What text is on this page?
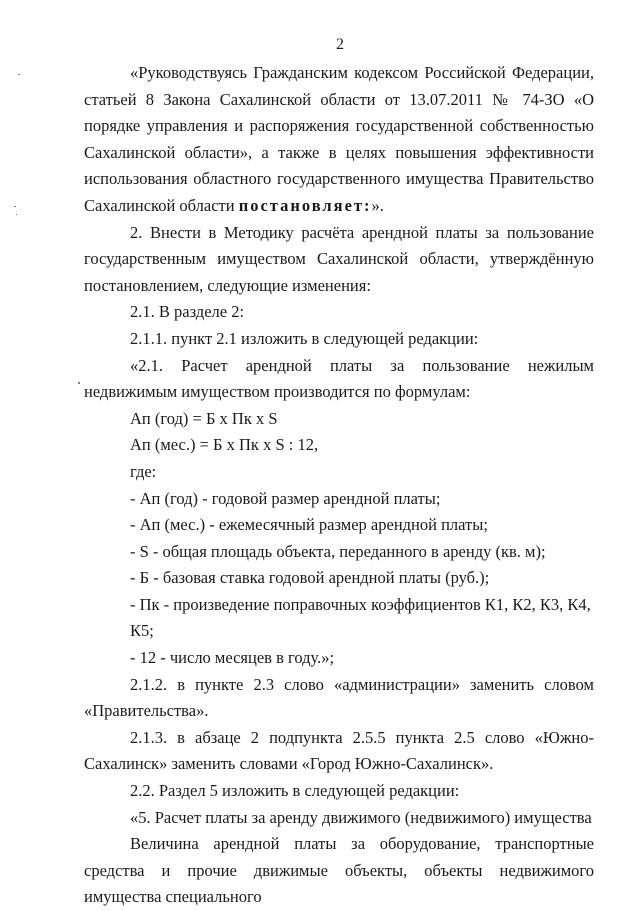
2

«Руководствуясь Гражданским кодексом Российской Федерации, статьей 8 Закона Сахалинской области от 13.07.2011 № 74-ЗО «О порядке управления и распоряжения государственной собственностью Сахалинской области», а также в целях повышения эффективности использования областного государственного имущества Правительство Сахалинской области постановляет:».

2. Внести в Методику расчёта арендной платы за пользование государственным имуществом Сахалинской области, утверждённую постановлением, следующие изменения:

2.1. В разделе 2:

2.1.1. пункт 2.1 изложить в следующей редакции:

«2.1. Расчет арендной платы за пользование нежилым недвижимым имуществом производится по формулам:

Ап (год) = Б х Пк х S

Ап (мес.) = Б х Пк х S : 12,

где:

- Ап (год) - годовой размер арендной платы;

- Ап (мес.) - ежемесячный размер арендной платы;

- S - общая площадь объекта, переданного в аренду (кв. м);

- Б - базовая ставка годовой арендной платы (руб.);

- Пк - произведение поправочных коэффициентов К1, К2, К3, К4, К5;

- 12 - число месяцев в году.»;

2.1.2. в пункте 2.3 слово «администрации» заменить словом «Правительства».

2.1.3. в абзаце 2 подпункта 2.5.5 пункта 2.5 слово «Южно-Сахалинск» заменить словами «Город Южно-Сахалинск».

2.2. Раздел 5 изложить в следующей редакции:

«5. Расчет платы за аренду движимого (недвижимого) имущества

Величина арендной платы за оборудование, транспортные средства и прочие движимые объекты, объекты недвижимого имущества специального
